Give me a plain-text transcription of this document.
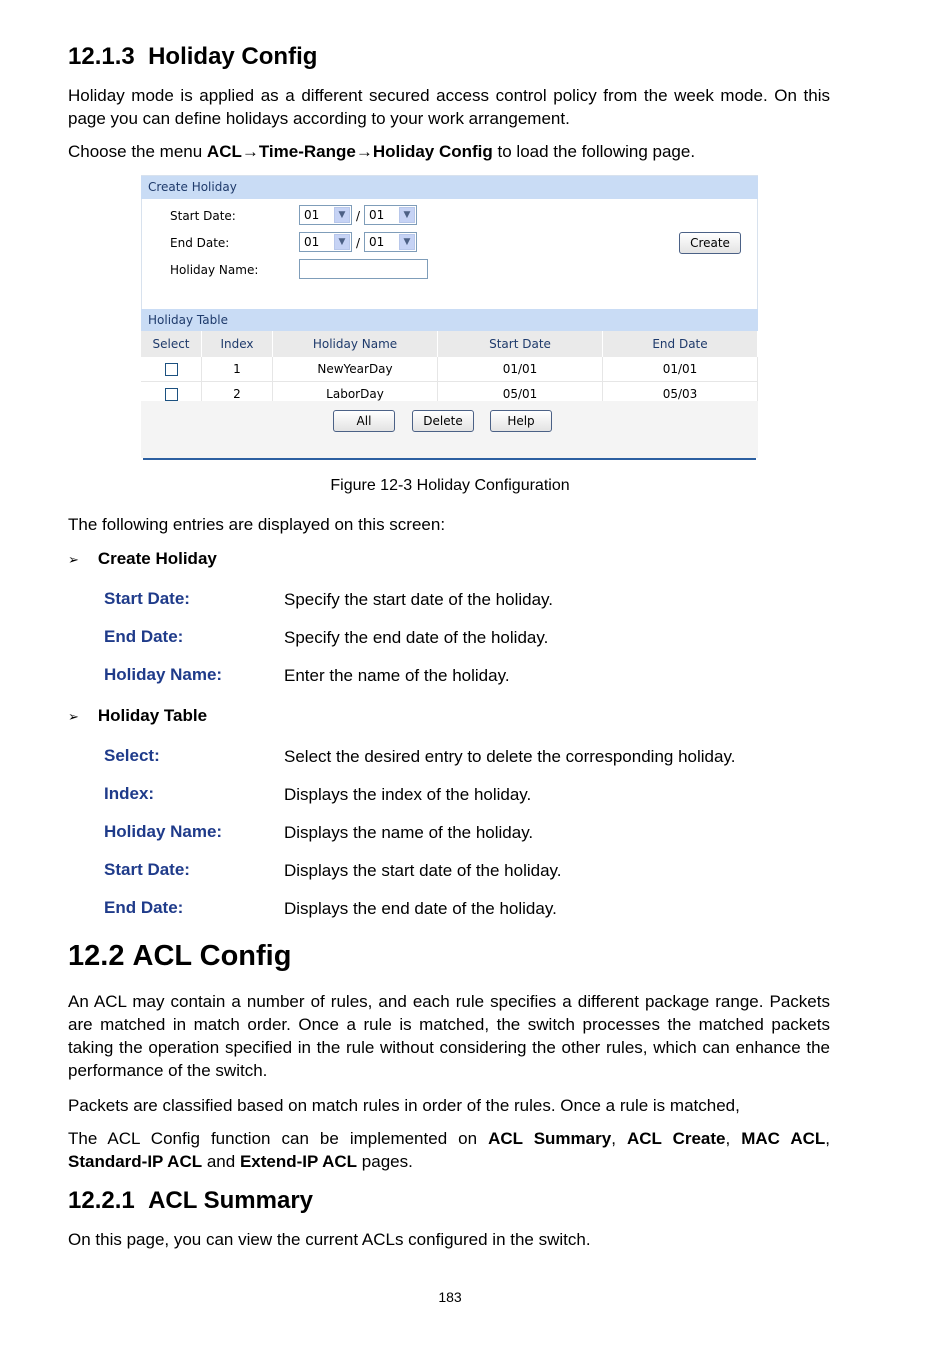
12.1.3 Holiday Config
Holiday mode is applied as a different secured access control policy from the week mode. On this page you can define holidays according to your work arrangement.
Choose the menu ACL→Time-Range→Holiday Config to load the following page.
Create Holiday
Start Date:	01	▼ / 01	▼
End Date:	01	▼ / 01	▼	Create
Holiday Name:
Holiday Table
Select	Index	Holiday Name	Start Date	End Date
	1	NewYearDay	01/01	01/01
	2	LaborDay	05/01	05/03
All	Delete	Help
Figure 12-3 Holiday Configuration
The following entries are displayed on this screen:
➢ Create Holiday
Start Date:	Specify the start date of the holiday.
End Date:	Specify the end date of the holiday.
Holiday Name:	Enter the name of the holiday.
➢ Holiday Table
Select:	Select the desired entry to delete the corresponding holiday.
Index:	Displays the index of the holiday.
Holiday Name:	Displays the name of the holiday.
Start Date:	Displays the start date of the holiday.
End Date:	Displays the end date of the holiday.
12.2 ACL Config
An ACL may contain a number of rules, and each rule specifies a different package range. Packets are matched in match order. Once a rule is matched, the switch processes the matched packets taking the operation specified in the rule without considering the other rules, which can enhance the performance of the switch.
Packets are classified based on match rules in order of the rules. Once a rule is matched,
The ACL Config function can be implemented on ACL Summary, ACL Create, MAC ACL, Standard-IP ACL and Extend-IP ACL pages.
12.2.1 ACL Summary
On this page, you can view the current ACLs configured in the switch.
183
